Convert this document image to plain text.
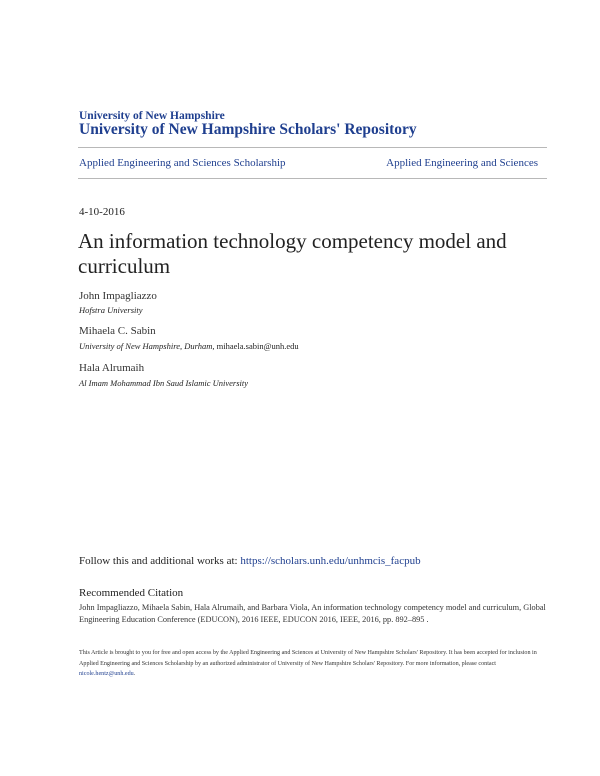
University of New Hampshire
University of New Hampshire Scholars' Repository
Applied Engineering and Sciences Scholarship	Applied Engineering and Sciences
4-10-2016
An information technology competency model and curriculum
John Impagliazzo
Hofstra University
Mihaela C. Sabin
University of New Hampshire, Durham, mihaela.sabin@unh.edu
Hala Alrumaih
Al Imam Mohammad Ibn Saud Islamic University
Follow this and additional works at: https://scholars.unh.edu/unhmcis_facpub
Recommended Citation
John Impagliazzo, Mihaela Sabin, Hala Alrumaih, and Barbara Viola, An information technology competency model and curriculum, Global Engineering Education Conference (EDUCON), 2016 IEEE, EDUCON 2016, IEEE, 2016, pp. 892–895 .
This Article is brought to you for free and open access by the Applied Engineering and Sciences at University of New Hampshire Scholars' Repository. It has been accepted for inclusion in Applied Engineering and Sciences Scholarship by an authorized administrator of University of New Hampshire Scholars' Repository. For more information, please contact nicole.hentz@unh.edu.
